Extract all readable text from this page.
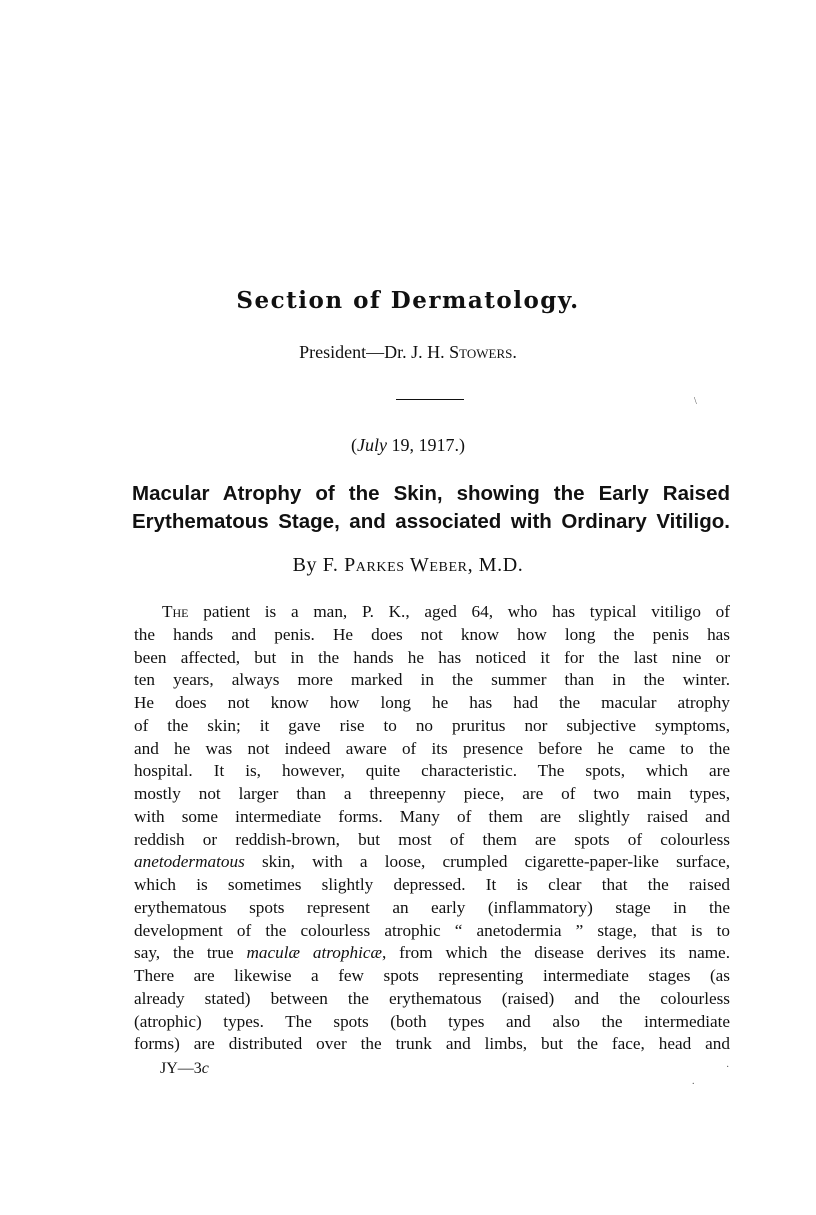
Section of Dermatology.
President—Dr. J. H. Stowers.
\
(July 19, 1917.)
Macular Atrophy of the Skin, showing the Early Raised
Erythematous Stage, and associated with Ordinary Vitiligo.
By F. Parkes Weber, M.D.
The patient is a man, P. K., aged 64, who has typical vitiligo of
the hands and penis. He does not know how long the penis has
been affected, but in the hands he has noticed it for the last nine or
ten years, always more marked in the summer than in the winter.
He does not know how long he has had the macular atrophy
of the skin; it gave rise to no pruritus nor subjective symptoms,
and he was not indeed aware of its presence before he came to the
hospital. It is, however, quite characteristic. The spots, which are
mostly not larger than a threepenny piece, are of two main types,
with some intermediate forms. Many of them are slightly raised and
reddish or reddish-brown, but most of them are spots of colourless
anetodermatous skin, with a loose, crumpled cigarette-paper-like surface,
which is sometimes slightly depressed. It is clear that the raised
erythematous spots represent an early (inflammatory) stage in the
development of the colourless atrophic “ anetodermia ” stage, that is to
say, the true maculæ atrophicæ, from which the disease derives its name.
There are likewise a few spots representing intermediate stages (as
already stated) between the erythematous (raised) and the colourless
(atrophic) types. The spots (both types and also the intermediate
forms) are distributed over the trunk and limbs, but the face, head and
JY—3c	·
.
